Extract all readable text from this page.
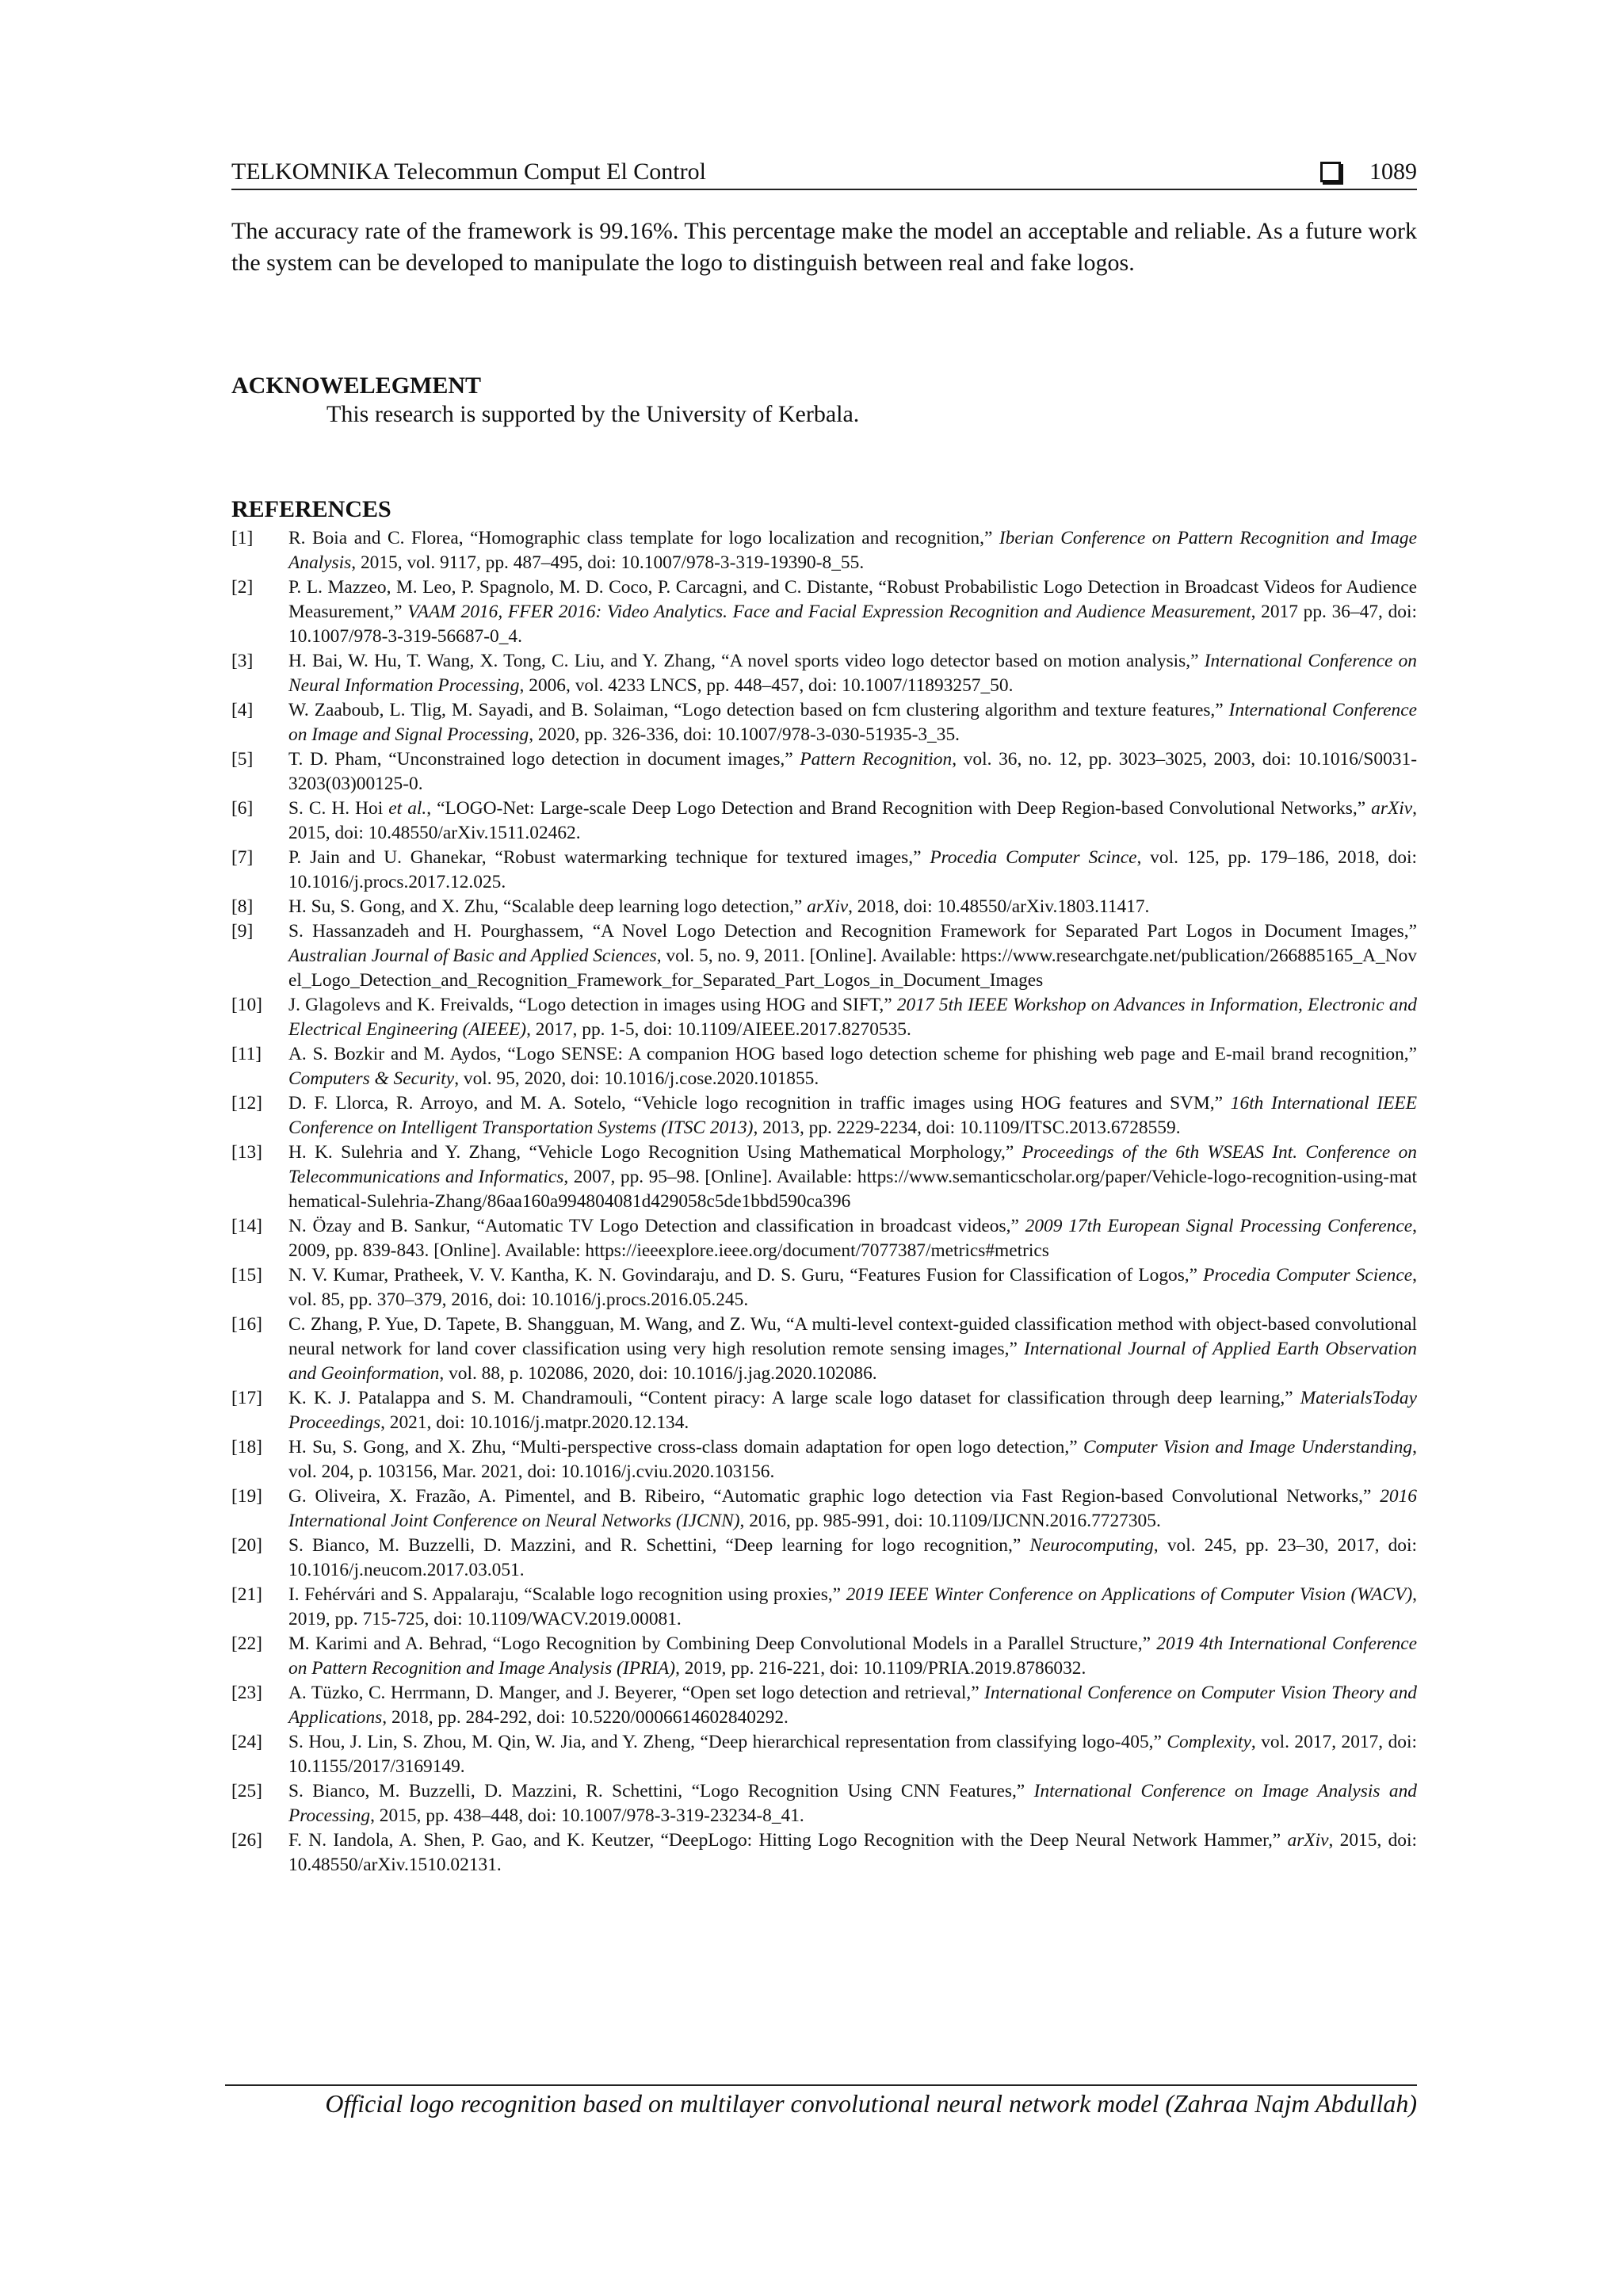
TELKOMNIKA Telecommun Comput El Control	1089
The accuracy rate of the framework is 99.16%. This percentage make the model an acceptable and reliable. As a future work the system can be developed to manipulate the logo to distinguish between real and fake logos.
ACKNOWELEGMENT
This research is supported by the University of Kerbala.
REFERENCES
[1] R. Boia and C. Florea, “Homographic class template for logo localization and recognition,” Iberian Conference on Pattern Recognition and Image Analysis, 2015, vol. 9117, pp. 487–495, doi: 10.1007/978-3-319-19390-8_55.
[2] P. L. Mazzeo, M. Leo, P. Spagnolo, M. D. Coco, P. Carcagni, and C. Distante, “Robust Probabilistic Logo Detection in Broadcast Videos for Audience Measurement,” VAAM 2016, FFER 2016: Video Analytics. Face and Facial Expression Recognition and Audience Measurement, 2017 pp. 36–47, doi: 10.1007/978-3-319-56687-0_4.
[3] H. Bai, W. Hu, T. Wang, X. Tong, C. Liu, and Y. Zhang, “A novel sports video logo detector based on motion analysis,” International Conference on Neural Information Processing, 2006, vol. 4233 LNCS, pp. 448–457, doi: 10.1007/11893257_50.
[4] W. Zaaboub, L. Tlig, M. Sayadi, and B. Solaiman, “Logo detection based on fcm clustering algorithm and texture features,” International Conference on Image and Signal Processing, 2020, pp. 326-336, doi: 10.1007/978-3-030-51935-3_35.
[5] T. D. Pham, “Unconstrained logo detection in document images,” Pattern Recognition, vol. 36, no. 12, pp. 3023–3025, 2003, doi: 10.1016/S0031-3203(03)00125-0.
[6] S. C. H. Hoi et al., “LOGO-Net: Large-scale Deep Logo Detection and Brand Recognition with Deep Region-based Convolutional Networks,” arXiv, 2015, doi: 10.48550/arXiv.1511.02462.
[7] P. Jain and U. Ghanekar, “Robust watermarking technique for textured images,” Procedia Computer Scince, vol. 125, pp. 179–186, 2018, doi: 10.1016/j.procs.2017.12.025.
[8] H. Su, S. Gong, and X. Zhu, “Scalable deep learning logo detection,” arXiv, 2018, doi: 10.48550/arXiv.1803.11417.
[9] S. Hassanzadeh and H. Pourghassem, “A Novel Logo Detection and Recognition Framework for Separated Part Logos in Document Images,” Australian Journal of Basic and Applied Sciences, vol. 5, no. 9, 2011. [Online]. Available: https://www.researchgate.net/publication/266885165_A_Novel_Logo_Detection_and_Recognition_Framework_for_Separated_Part_Logos_in_Document_Images
[10] J. Glagolevs and K. Freivalds, “Logo detection in images using HOG and SIFT,” 2017 5th IEEE Workshop on Advances in Information, Electronic and Electrical Engineering (AIEEE), 2017, pp. 1-5, doi: 10.1109/AIEEE.2017.8270535.
[11] A. S. Bozkir and M. Aydos, “Logo SENSE: A companion HOG based logo detection scheme for phishing web page and E-mail brand recognition,” Computers & Security, vol. 95, 2020, doi: 10.1016/j.cose.2020.101855.
[12] D. F. Llorca, R. Arroyo, and M. A. Sotelo, “Vehicle logo recognition in traffic images using HOG features and SVM,” 16th International IEEE Conference on Intelligent Transportation Systems (ITSC 2013), 2013, pp. 2229-2234, doi: 10.1109/ITSC.2013.6728559.
[13] H. K. Sulehria and Y. Zhang, “Vehicle Logo Recognition Using Mathematical Morphology,” Proceedings of the 6th WSEAS Int. Conference on Telecommunications and Informatics, 2007, pp. 95–98. [Online]. Available: https://www.semanticscholar.org/paper/Vehicle-logo-recognition-using-mathematical-Sulehria-Zhang/86aa160a994804081d429058c5de1bbd590ca396
[14] N. Özay and B. Sankur, “Automatic TV Logo Detection and classification in broadcast videos,” 2009 17th European Signal Processing Conference, 2009, pp. 839-843. [Online]. Available: https://ieeexplore.ieee.org/document/7077387/metrics#metrics
[15] N. V. Kumar, Pratheek, V. V. Kantha, K. N. Govindaraju, and D. S. Guru, “Features Fusion for Classification of Logos,” Procedia Computer Science, vol. 85, pp. 370–379, 2016, doi: 10.1016/j.procs.2016.05.245.
[16] C. Zhang, P. Yue, D. Tapete, B. Shangguan, M. Wang, and Z. Wu, “A multi-level context-guided classification method with object-based convolutional neural network for land cover classification using very high resolution remote sensing images,” International Journal of Applied Earth Observation and Geoinformation, vol. 88, p. 102086, 2020, doi: 10.1016/j.jag.2020.102086.
[17] K. K. J. Patalappa and S. M. Chandramouli, “Content piracy: A large scale logo dataset for classification through deep learning,” MaterialsToday Proceedings, 2021, doi: 10.1016/j.matpr.2020.12.134.
[18] H. Su, S. Gong, and X. Zhu, “Multi-perspective cross-class domain adaptation for open logo detection,” Computer Vision and Image Understanding, vol. 204, p. 103156, Mar. 2021, doi: 10.1016/j.cviu.2020.103156.
[19] G. Oliveira, X. Frazão, A. Pimentel, and B. Ribeiro, “Automatic graphic logo detection via Fast Region-based Convolutional Networks,” 2016 International Joint Conference on Neural Networks (IJCNN), 2016, pp. 985-991, doi: 10.1109/IJCNN.2016.7727305.
[20] S. Bianco, M. Buzzelli, D. Mazzini, and R. Schettini, “Deep learning for logo recognition,” Neurocomputing, vol. 245, pp. 23–30, 2017, doi: 10.1016/j.neucom.2017.03.051.
[21] I. Fehérvári and S. Appalaraju, “Scalable logo recognition using proxies,” 2019 IEEE Winter Conference on Applications of Computer Vision (WACV), 2019, pp. 715-725, doi: 10.1109/WACV.2019.00081.
[22] M. Karimi and A. Behrad, “Logo Recognition by Combining Deep Convolutional Models in a Parallel Structure,” 2019 4th International Conference on Pattern Recognition and Image Analysis (IPRIA), 2019, pp. 216-221, doi: 10.1109/PRIA.2019.8786032.
[23] A. Tüzko, C. Herrmann, D. Manger, and J. Beyerer, “Open set logo detection and retrieval,” International Conference on Computer Vision Theory and Applications, 2018, pp. 284-292, doi: 10.5220/0006614602840292.
[24] S. Hou, J. Lin, S. Zhou, M. Qin, W. Jia, and Y. Zheng, “Deep hierarchical representation from classifying logo-405,” Complexity, vol. 2017, 2017, doi: 10.1155/2017/3169149.
[25] S. Bianco, M. Buzzelli, D. Mazzini, R. Schettini, “Logo Recognition Using CNN Features,” International Conference on Image Analysis and Processing, 2015, pp. 438–448, doi: 10.1007/978-3-319-23234-8_41.
[26] F. N. Iandola, A. Shen, P. Gao, and K. Keutzer, “DeepLogo: Hitting Logo Recognition with the Deep Neural Network Hammer,” arXiv, 2015, doi: 10.48550/arXiv.1510.02131.
Official logo recognition based on multilayer convolutional neural network model (Zahraa Najm Abdullah)
